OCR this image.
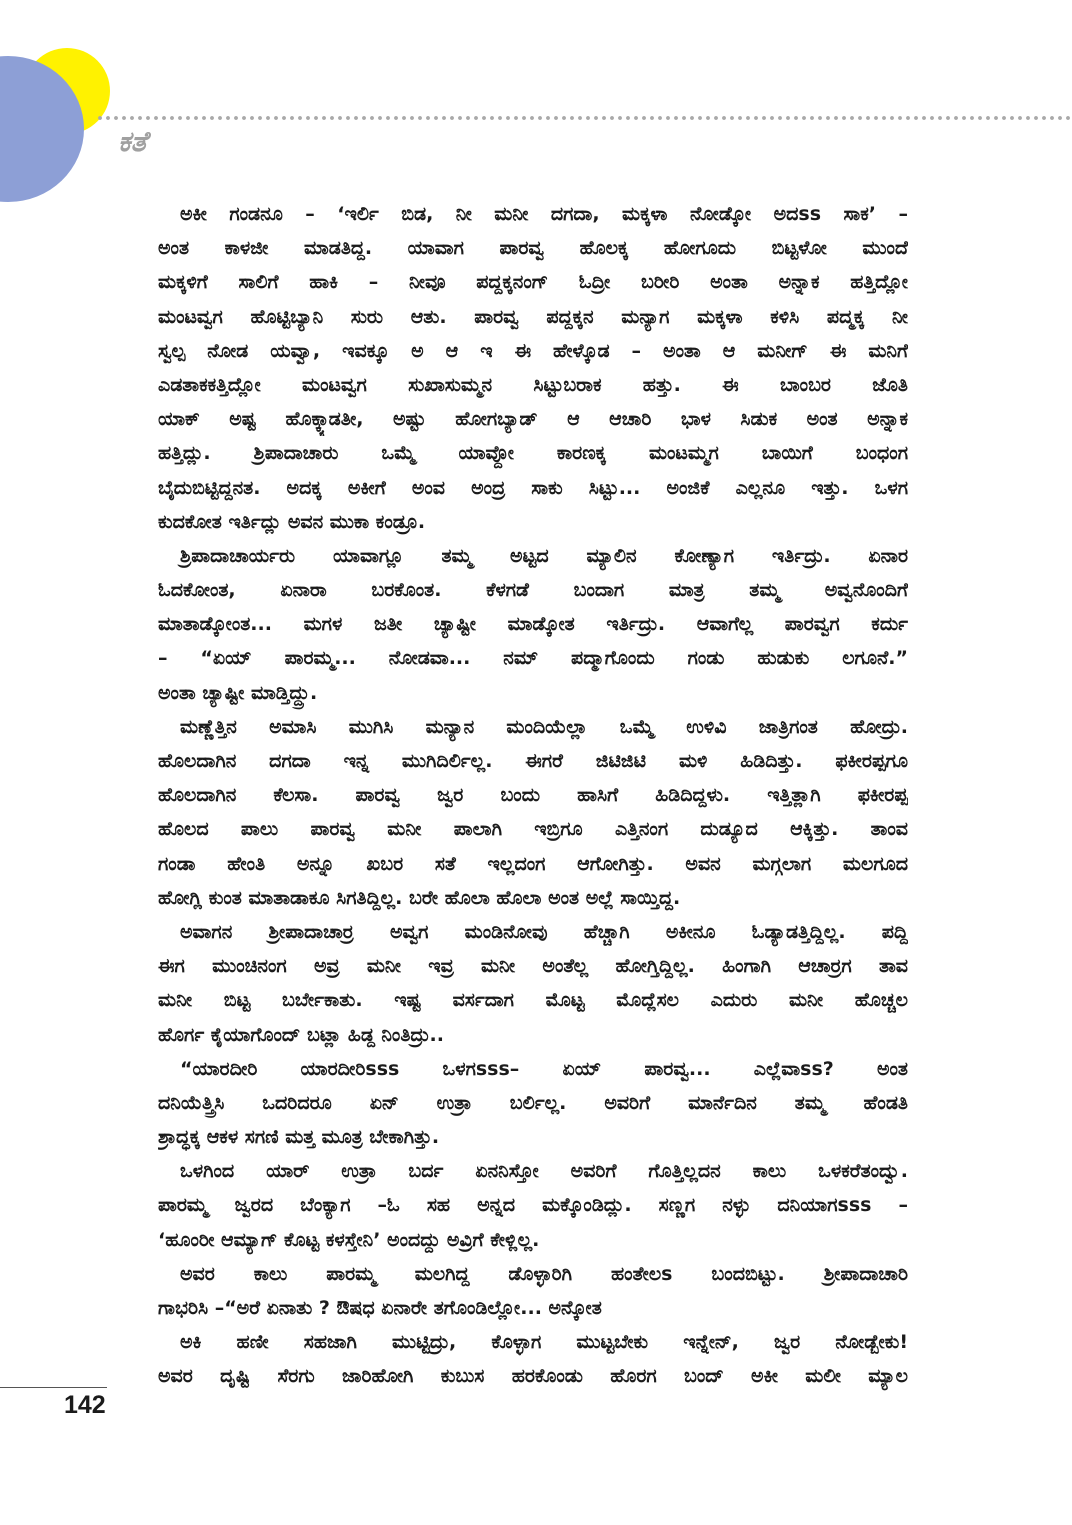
ಕತೆ
ಅಕೀ ಗಂಡನೂ – ‘ಇರ್ಲಿ ಬಿಡ, ನೀ ಮನೀ ದಗದಾ, ಮಕ್ಕಳಾ ನೋಡ್ಕೋ ಅದss ಸಾಕ’ –
ಅಂತ ಕಾಳಜೀ ಮಾಡತಿದ್ದ. ಯಾವಾಗ ಪಾರವ್ವ ಹೊಲಕ್ಕ ಹೋಗೂದು ಬಿಟ್ಟಳೋ ಮುಂದೆ
ಮಕ್ಕಳಿಗೆ ಸಾಲಿಗೆ ಹಾಕಿ – ನೀವೂ ಪದ್ದಕ್ಕನಂಗ್ ಓದ್ರೀ ಬರೀರಿ ಅಂತಾ ಅನ್ನಾಕ ಹತ್ತಿದ್ಲೋ
ಮಂಟವ್ವಗ ಹೊಟ್ಟಿಬ್ಯಾನಿ ಸುರು ಆತು. ಪಾರವ್ವ ಪದ್ದಕ್ಕನ ಮನ್ಯಾಗ ಮಕ್ಕಳಾ ಕಳಿಸಿ ಪದ್ಮಕ್ಕ ನೀ
ಸ್ವಲ್ಪ ನೋಡ ಯವ್ವಾ, ಇವಕ್ಕೂ ಅ ಆ ಇ ಈ ಹೇಳ್ಕೊಡ – ಅಂತಾ ಆ ಮನೀಗ್ ಈ ಮನಿಗೆ
ಎಡತಾಕಕತ್ತಿದ್ಲೋ ಮಂಟವ್ವಗ ಸುಖಾಸುಮ್ಮನ ಸಿಟ್ಟುಬರಾಕ ಹತ್ತು. ಈ ಬಾಂಬರ ಜೊತಿ
ಯಾಕ್ ಅಷ್ಟ ಹೊಕ್ಕ್ಯಾಡತೀ, ಅಷ್ಟು ಹೋಗಬ್ಯಾಡ್ ಆ ಆಚಾರಿ ಭಾಳ ಸಿಡುಕ ಅಂತ ಅನ್ನಾಕ
ಹತ್ತಿದ್ಲು. ಶ್ರಿಪಾದಾಚಾರು ಒಮ್ಮೆ ಯಾವ್ದೋ ಕಾರಣಕ್ಕ ಮಂಟಮ್ಮಗ ಬಾಯಿಗೆ ಬಂಧಂಗ
ಬೈದುಬಿಟ್ಟಿದ್ದನತ. ಅದಕ್ಕ ಅಕೀಗೆ ಅಂವ ಅಂದ್ರ ಸಾಕು ಸಿಟ್ಟು... ಅಂಜಿಕೆ ಎಲ್ಲನೂ ಇತ್ತು. ಒಳಗ
ಕುದಕೋತ ಇರ್ತಿದ್ಲು ಅವನ ಮುಕಾ ಕಂಡ್ರೂ.
ಶ್ರಿಪಾದಾಚಾರ್ಯರು ಯಾವಾಗ್ಲೂ ತಮ್ಮ ಅಟ್ಟದ ಮ್ಯಾಲಿನ ಕೋಣ್ಯಾಗ ಇರ್ತಿದ್ರು. ಏನಾರ
ಓದಕೋಂತ, ಏನಾರಾ ಬರಕೊಂತ. ಕೆಳಗಡೆ ಬಂದಾಗ ಮಾತ್ರ ತಮ್ಮ ಅವ್ವನೊಂದಿಗೆ
ಮಾತಾಡ್ಕೋಂತ... ಮಗಳ ಜತೀ ಚ್ಯಾಷ್ಟೀ ಮಾಡ್ಕೋತ ಇರ್ತಿದ್ರು. ಆವಾಗೆಲ್ಲ ಪಾರವ್ವಗ ಕರ್ದು
– “ಏಯ್ ಪಾರಮ್ಮ... ನೋಡವಾ... ನಮ್ ಪದ್ಮಾಗೊಂದು ಗಂಡು ಹುಡುಕು ಲಗೂನೆ.”
ಅಂತಾ ಚ್ಯಾಷ್ಟೀ ಮಾಡ್ತಿದ್ದ್ರು.
ಮಣ್ಣೆತ್ತಿನ ಅಮಾಸಿ ಮುಗಿಸಿ ಮನ್ಯಾನ ಮಂದಿಯೆಲ್ಲಾ ಒಮ್ಮೆ ಉಳಿವಿ ಜಾತ್ರಿಗಂತ ಹೋದ್ರು.
ಹೊಲದಾಗಿನ ದಗದಾ ಇನ್ನ ಮುಗಿದಿರ್ಲಿಲ್ಲ. ಈಗರೆ ಜಿಟಿಜಿಟಿ ಮಳಿ ಹಿಡಿದಿತ್ತು. ಫಕೀರಪ್ಪಗೂ
ಹೊಲದಾಗಿನ ಕೆಲಸಾ. ಪಾರವ್ವ ಜ್ವರ ಬಂದು ಹಾಸಿಗೆ ಹಿಡಿದಿದ್ದಳು. ಇತ್ತಿತ್ಲಾಗಿ ಫಕೀರಪ್ಪ
ಹೊಲದ ಪಾಲು ಪಾರವ್ವ ಮನೀ ಪಾಲಾಗಿ ಇಬ್ರಿಗೂ ಎತ್ತಿನಂಗ ದುಡ್ಯೂದ ಆಕ್ಕಿತ್ತು. ತಾಂವ
ಗಂಡಾ ಹೇಂತಿ ಅನ್ನೂ ಖಬರ ಸತೆ ಇಲ್ಲದಂಗ ಆಗೋಗಿತ್ತು. ಅವನ ಮಗ್ಗಲಾಗ ಮಲಗೂದ
ಹೋಗ್ಲಿ ಕುಂತ ಮಾತಾಡಾಕೂ ಸಿಗತಿದ್ದಿಲ್ಲ. ಬರೇ ಹೊಲಾ ಹೊಲಾ ಅಂತ ಅಲ್ಲೆ ಸಾಯ್ತಿದ್ದ.
ಅವಾಗನ ಶ್ರೀಪಾದಾಚಾರ್ರ ಅವ್ವಗ ಮಂಡಿನೋವು ಹೆಚ್ಚಾಗಿ ಅಕೀನೂ ಓಡ್ಯಾಡತ್ತಿದ್ದಿಲ್ಲ. ಪದ್ದಿ
ಈಗ ಮುಂಚಿನಂಗ ಅವ್ರ ಮನೀ ಇವ್ರ ಮನೀ ಅಂತೆಲ್ಲ ಹೋಗ್ತಿದ್ದಿಲ್ಲ. ಹಿಂಗಾಗಿ ಆಚಾರ್ರಗ ತಾವ
ಮನೀ ಬಿಟ್ಟ ಬರ್ಬೇಕಾತು. ಇಷ್ಟ ವರ್ಸದಾಗ ಮೊಟ್ಟ ಮೊದ್ಲೆಸಲ ಎದುರು ಮನೀ ಹೊಚ್ಚಲ
ಹೊರ್ಗ ಕೈಯಾಗೊಂದ್ ಬಟ್ಲಾ ಹಿಡ್ದ ನಿಂತಿದ್ರು..
“ಯಾರದೀರಿ ಯಾರದೀರಿsss ಒಳಗsss– ಏಯ್ ಪಾರವ್ವ... ಎಲ್ಲೆವಾss? ಅಂತ
ದನಿಯೆತ್ತ್ರಿಸಿ ಒದರಿದರೂ ಏನ್ ಉತ್ರಾ ಬರ್ಲಿಲ್ಲ. ಅವರಿಗೆ ಮಾರ್ನೆದಿನ ತಮ್ಮ ಹೆಂಡತಿ
ಶ್ರಾದ್ಧಕ್ಕ ಆಕಳ ಸಗಣಿ ಮತ್ತ ಮೂತ್ರ ಬೇಕಾಗಿತ್ತು.
ಒಳಗಿಂದ ಯಾರ್ ಉತ್ರಾ ಬರ್ದ ಏನನಿಸ್ತೋ ಅವರಿಗೆ ಗೊತ್ತಿಲ್ಲದನ ಕಾಲು ಒಳಕರೆತಂದ್ವು.
ಪಾರಮ್ಮ ಜ್ವರದ ಬೆಂಕ್ಯಾಗ –ಓ ಸಹ ಅನ್ನದ ಮಕ್ಕೊಂಡಿದ್ಲು. ಸಣ್ಣಗ ನಳ್ಳು ದನಿಯಾಗsss –
‘ಹೂಂರೀ ಆಮ್ಯಾಗ್ ಕೊಟ್ಟ ಕಳಸ್ತೇನಿ’ ಅಂದದ್ದು ಅವ್ರಿಗೆ ಕೇಳ್ಲಿಲ್ಲ.
ಅವರ ಕಾಲು ಪಾರಮ್ಮ ಮಲಗಿದ್ದ ಡೊಳ್ಳಾರಿಗಿ ಹಂತೇಲs ಬಂದಬಿಟ್ಟು. ಶ್ರೀಪಾದಾಚಾರಿ
ಗಾಭರಿಸಿ –“ಅರೆ ಏನಾತು ? ಔಷಧ ಏನಾರೇ ತಗೊಂಡಿಲ್ಲೋ... ಅನ್ಕೋತ
ಅಕಿ ಹಣೀ ಸಹಜಾಗಿ ಮುಟ್ಟಿದ್ರು, ಕೊಳ್ಳಾಗ ಮುಟ್ಟಬೇಕು ಇನ್ನೇನ್, ಜ್ವರ ನೋಡ್ಬೇಕು!
ಅವರ ದೃಷ್ಟಿ ಸೆರಗು ಜಾರಿಹೋಗಿ ಕುಬುಸ ಹರಕೊಂಡು ಹೊರಗ ಬಂದ್ ಅಕೀ ಮಲೀ ಮ್ಯಾಲ
142
